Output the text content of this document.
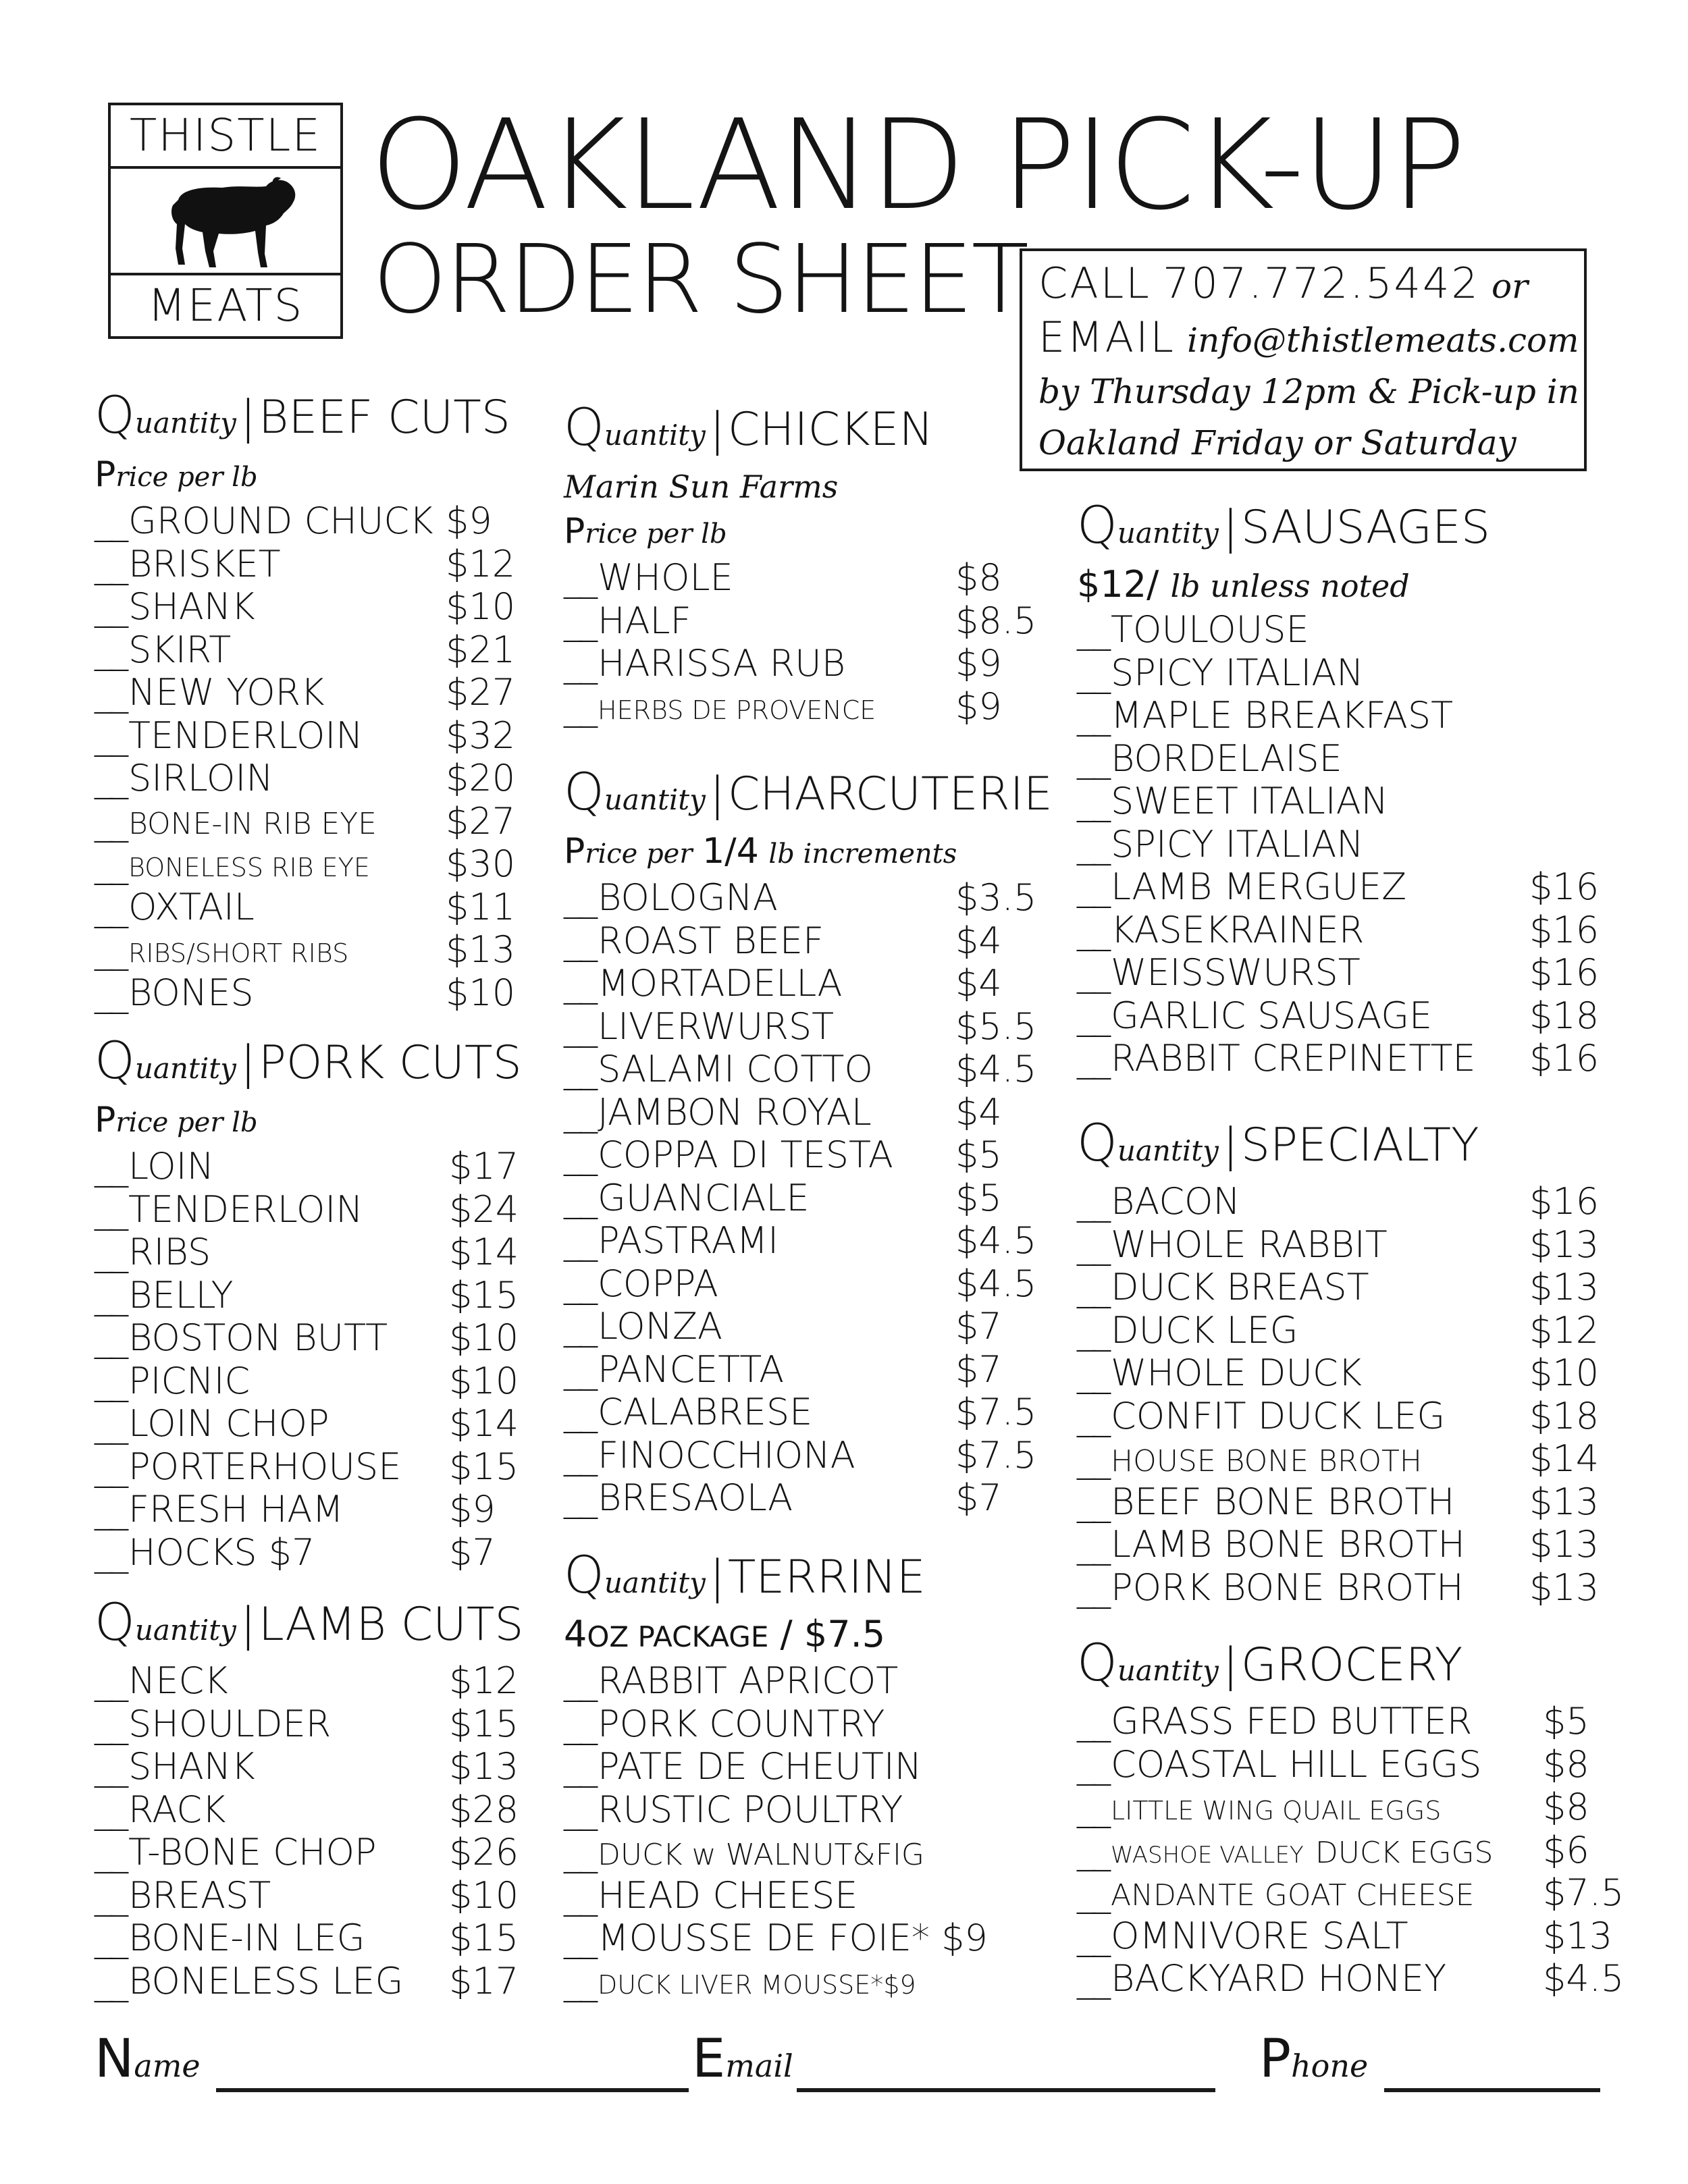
THISTLE
MEATS
OAKLAND PICK-UP
ORDER SHEET CALL 707.772.5442 or
EMAIL info@thistlemeats.com
by Thursday 12pm & Pick-up in
Oakland Friday or Saturday
Quantity|BEEF CUTS
Price per lb
__GROUND CHUCK $9
__BRISKET	$12
__SHANK	$10
__SKIRT	$21
__NEW YORK	$27
__TENDERLOIN $32
__SIRLOIN	$20
__BONE-IN RIB EYE $27
__ BONELESS RIB EYE $30
__OXTAIL	$11
__ RIBS/SHORT RIBS	$13
__BONES	$10
Quantity|PORK CUTS
Price per lb
__LOIN	$17
__TENDERLOIN $24
__RIBS	$14
__BELLY	$15
__BOSTON BUTT $10
__PICNIC	$10
__LOIN CHOP	$14
__PORTERHOUSE $15
__FRESH HAM	$9
__HOCKS $7	$7
Quantity|LAMB CUTS
__NECK	$12
__SHOULDER	$15
__SHANK	$13
__RACK	$28
__T-BONE CHOP $26
__BREAST	$10
__BONE-IN LEG $15
__BONELESS LEG $17
Quantity|CHICKEN
Marin Sun Farms
Price per lb
__WHOLE	$8
__HALF	$8.5
__HARISSA RUB	$9
__ HERBS DE PROVENCE $9
Quantity|CHARCUTERIE
Price per 1/4 lb increments
__BOLOGNA	$3.5
__ROAST BEEF	$4
__MORTADELLA	$4
__LIVERWURST	$5.5
__SALAMI COTTO $4.5
__JAMBON ROYAL $4
__COPPA DI TESTA $5
__GUANCIALE	$5
__PASTRAMI	$4.5
__COPPA	$4.5
__LONZA	$7
__PANCETTA	$7
__CALABRESE	$7.5
__FINOCCHIONA	$7.5
__BRESAOLA	$7
Quantity|TERRINE
4OZ PACKAGE / $7.5
__RABBIT APRICOT
__PORK COUNTRY
__PATE DE CHEUTIN
__RUSTIC POULTRY
__DUCK w WALNUT&FIG
__HEAD CHEESE
__MOUSSE DE FOIE* $9
__ DUCK LIVER MOUSSE*$9
Quantity|SAUSAGES
$12/ lb unless noted
__TOULOUSE
__SPICY ITALIAN
__MAPLE BREAKFAST
__BORDELAISE
__SWEET ITALIAN
__SPICY ITALIAN
__LAMB MERGUEZ	$16
__KASEKRAINER	$16
__WEISSWURST	$16
__GARLIC SAUSAGE	$18
__RABBIT CREPINETTE $16
Quantity|SPECIALTY
__BACON	$16
__WHOLE RABBIT	$13
__DUCK BREAST	$13
__DUCK LEG	$12
__WHOLE DUCK	$10
__CONFIT DUCK LEG $18
__HOUSE BONE BROTH	$14
__BEEF BONE BROTH $13
__LAMB BONE BROTH $13
__PORK BONE BROTH $13
Quantity|GROCERY
__GRASS FED BUTTER $5
__COASTAL HILL EGGS $8
__ LITTLE WING QUAIL EGGS	$8
__ WASHOE VALLEY DUCK EGGS $6
__ANDANTE GOAT CHEESE $7.5
__OMNIVORE SALT	$13
__BACKYARD HONEY	$4.5
Name	Email	Phone
